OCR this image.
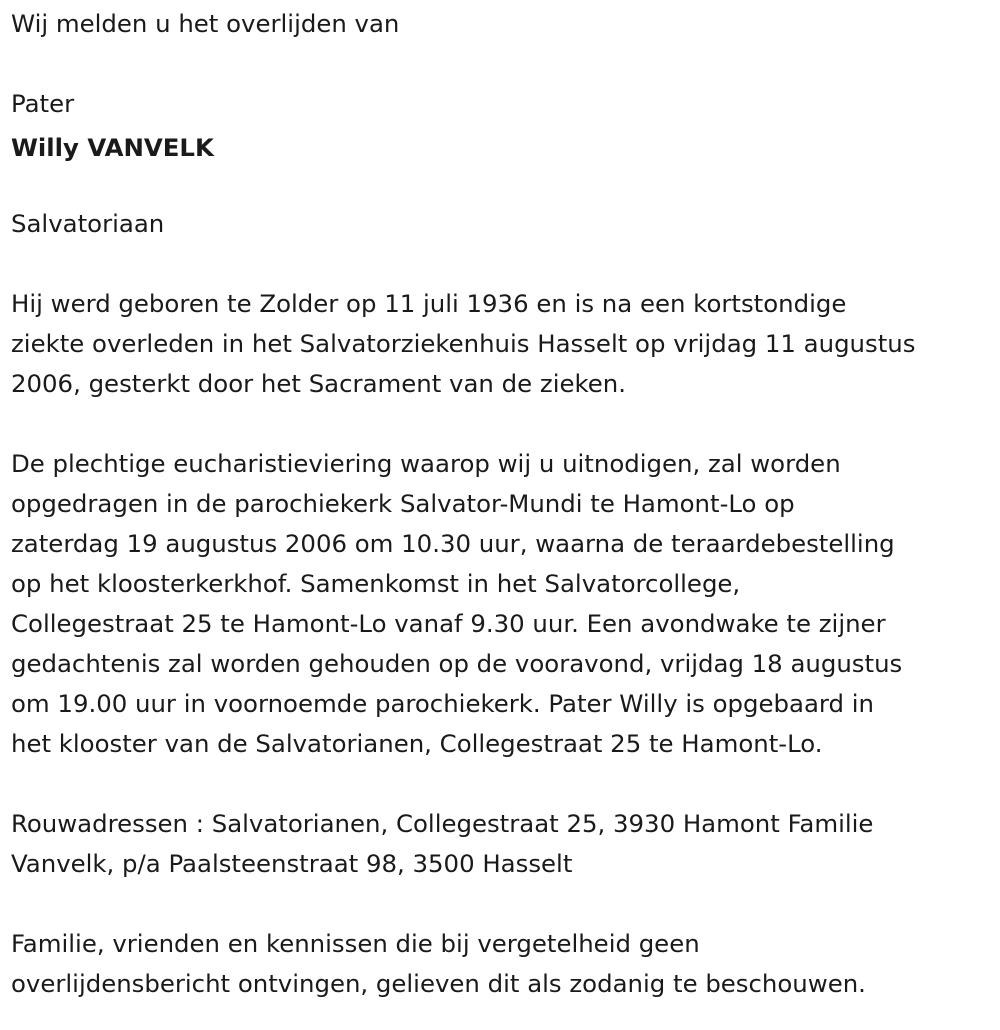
Wij melden u het overlijden van

Pater

Willy VANVELK

Salvatoriaan

Hij werd geboren te Zolder op 11 juli 1936 en is na een kortstondige

ziekte overleden in het Salvatorziekenhuis Hasselt op vrijdag 11 augustus

2006, gesterkt door het Sacrament van de zieken.

De plechtige eucharistieviering waarop wij u uitnodigen, zal worden

opgedragen in de parochiekerk Salvator-Mundi te Hamont-Lo op

zaterdag 19 augustus 2006 om 10.30 uur, waarna de teraardebestelling

op het kloosterkerkhof. Samenkomst in het Salvatorcollege,

Collegestraat 25 te Hamont-Lo vanaf 9.30 uur. Een avondwake te zijner

gedachtenis zal worden gehouden op de vooravond, vrijdag 18 augustus

om 19.00 uur in voornoemde parochiekerk. Pater Willy is opgebaard in

het klooster van de Salvatorianen, Collegestraat 25 te Hamont-Lo.

Rouwadressen : Salvatorianen, Collegestraat 25, 3930 Hamont Familie

Vanvelk, p/a Paalsteenstraat 98, 3500 Hasselt

Familie, vrienden en kennissen die bij vergetelheid geen

overlijdensbericht ontvingen, gelieven dit als zodanig te beschouwen.
